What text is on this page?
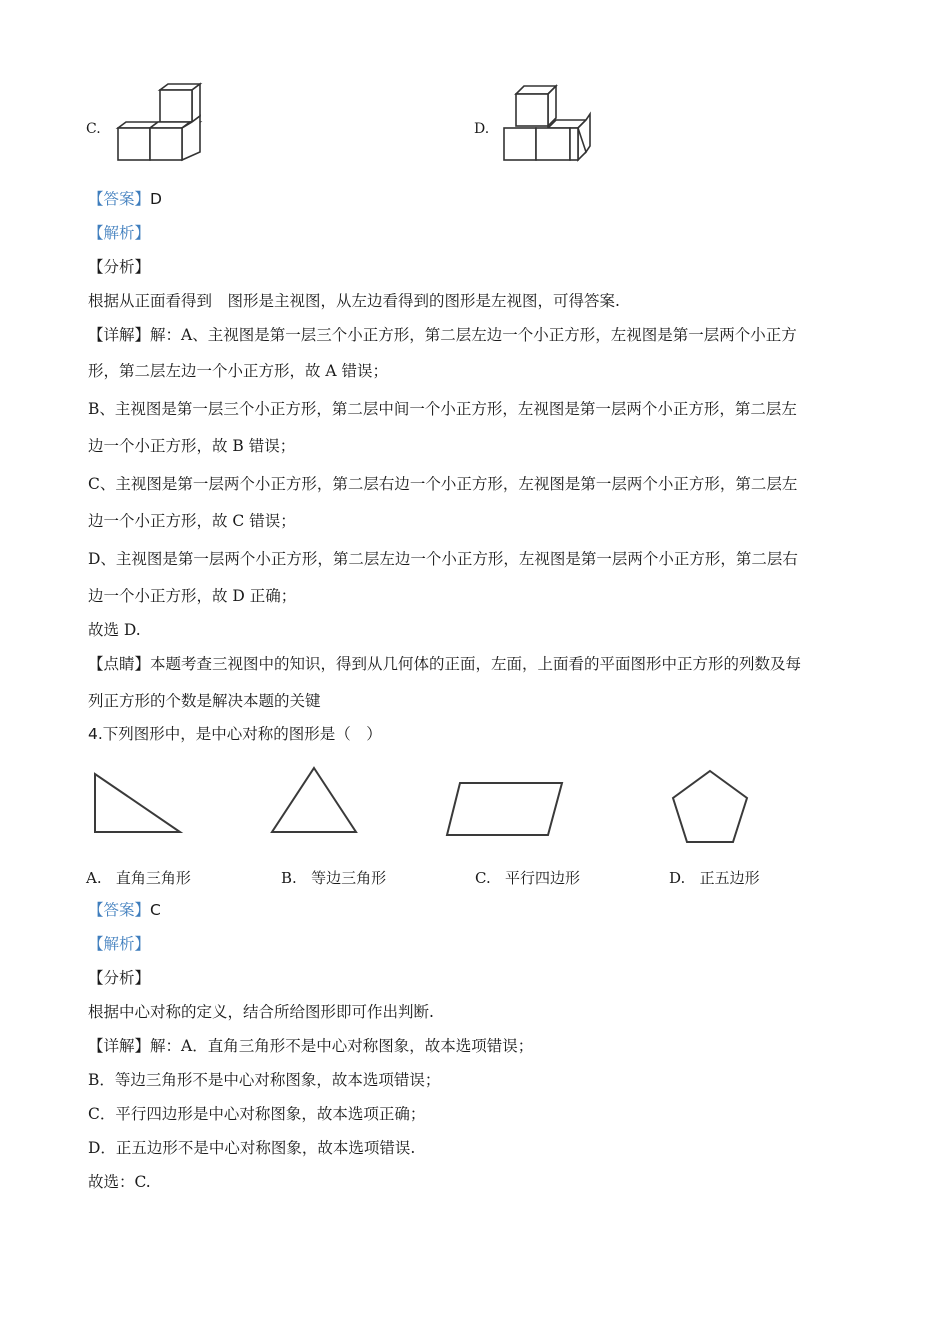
C.	D.
【答案】D
【解析】
【分析】
根据从正面看得到　图形是主视图，从左边看得到的图形是左视图，可得答案.
【详解】解：A、主视图是第一层三个小正方形，第二层左边一个小正方形，左视图是第一层两个小正方
形，第二层左边一个小正方形，故 A 错误；
B、主视图是第一层三个小正方形，第二层中间一个小正方形，左视图是第一层两个小正方形，第二层左
边一个小正方形，故 B 错误；
C、主视图是第一层两个小正方形，第二层右边一个小正方形，左视图是第一层两个小正方形，第二层左
边一个小正方形，故 C 错误；
D、主视图是第一层两个小正方形，第二层左边一个小正方形，左视图是第一层两个小正方形，第二层右
边一个小正方形，故 D 正确；
故选 D.
【点睛】本题考查三视图中的知识，得到从几何体的正面，左面，上面看的平面图形中正方形的列数及每
列正方形的个数是解决本题的关键
4.下列图形中，是中心对称的图形是（　）
A. 直角三角形	B. 等边三角形	C. 平行四边形	D. 正五边形
【答案】C
【解析】
【分析】
根据中心对称的定义，结合所给图形即可作出判断.
【详解】解：A．直角三角形不是中心对称图象，故本选项错误；
B．等边三角形不是中心对称图象，故本选项错误；
C．平行四边形是中心对称图象，故本选项正确；
D．正五边形不是中心对称图象，故本选项错误.
故选：C.
